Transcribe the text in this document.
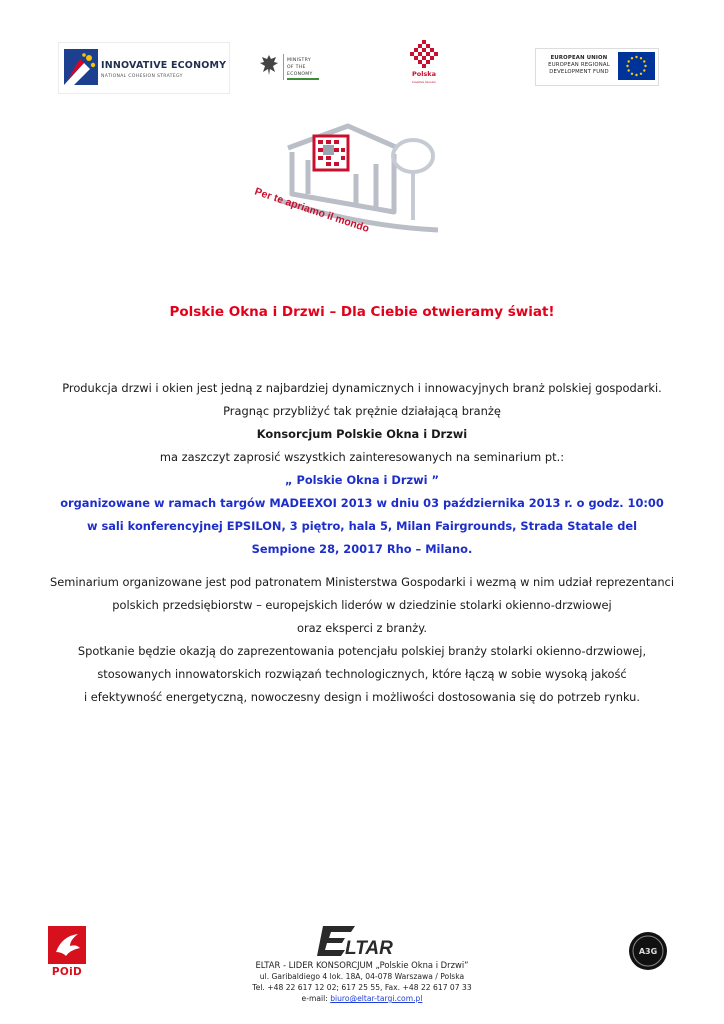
INNOVATIVE ECONOMY
NATIONAL COHESION STRATEGY
MINISTRY
OF THE
ECONOMY	Polska
Creative tension
EUROPEAN UNION
EUROPEAN REGIONAL
DEVELOPMENT FUND
Per te apriamo il mondo
Polskie Okna i Drzwi – Dla Ciebie otwieramy świat!

Produkcja drzwi i okien jest jedną z najbardziej dynamicznych i innowacyjnych branż polskiej gospodarki.

Pragnąc przybliżyć tak prężnie działającą branżę

Konsorcjum Polskie Okna i Drzwi

ma zaszczyt zaprosić wszystkich zainteresowanych na seminarium pt.:

„ Polskie Okna i Drzwi ”

organizowane w ramach targów MADEEXOI 2013 w dniu 03 października 2013 r. o godz. 10:00

w sali konferencyjnej EPSILON, 3 piętro, hala 5, Milan Fairgrounds, Strada Statale del

Sempione 28, 20017 Rho – Milano.

Seminarium organizowane jest pod patronatem Ministerstwa Gospodarki i wezmą w nim udział reprezentanci

polskich przedsiębiorstw – europejskich liderów w dziedzinie stolarki okienno-drzwiowej

oraz eksperci z branży.

Spotkanie będzie okazją do zaprezentowania potencjału polskiej branży stolarki okienno-drzwiowej,

stosowanych innowatorskich rozwiązań technologicznych, które łączą w sobie wysoką jakość

i efektywność energetyczną, nowoczesny design i możliwości dostosowania się do potrzeb rynku.

POiD
LTAR
ELTAR - LIDER KONSORCJUM „Polskie Okna i Drzwi”
ul. Garibaldiego 4 lok. 18A, 04-078 Warszawa / Polska
Tel. +48 22 617 12 02; 617 25 55, Fax. +48 22 617 07 33
e-mail: biuro@eltar-targi.com.pl
A3G
